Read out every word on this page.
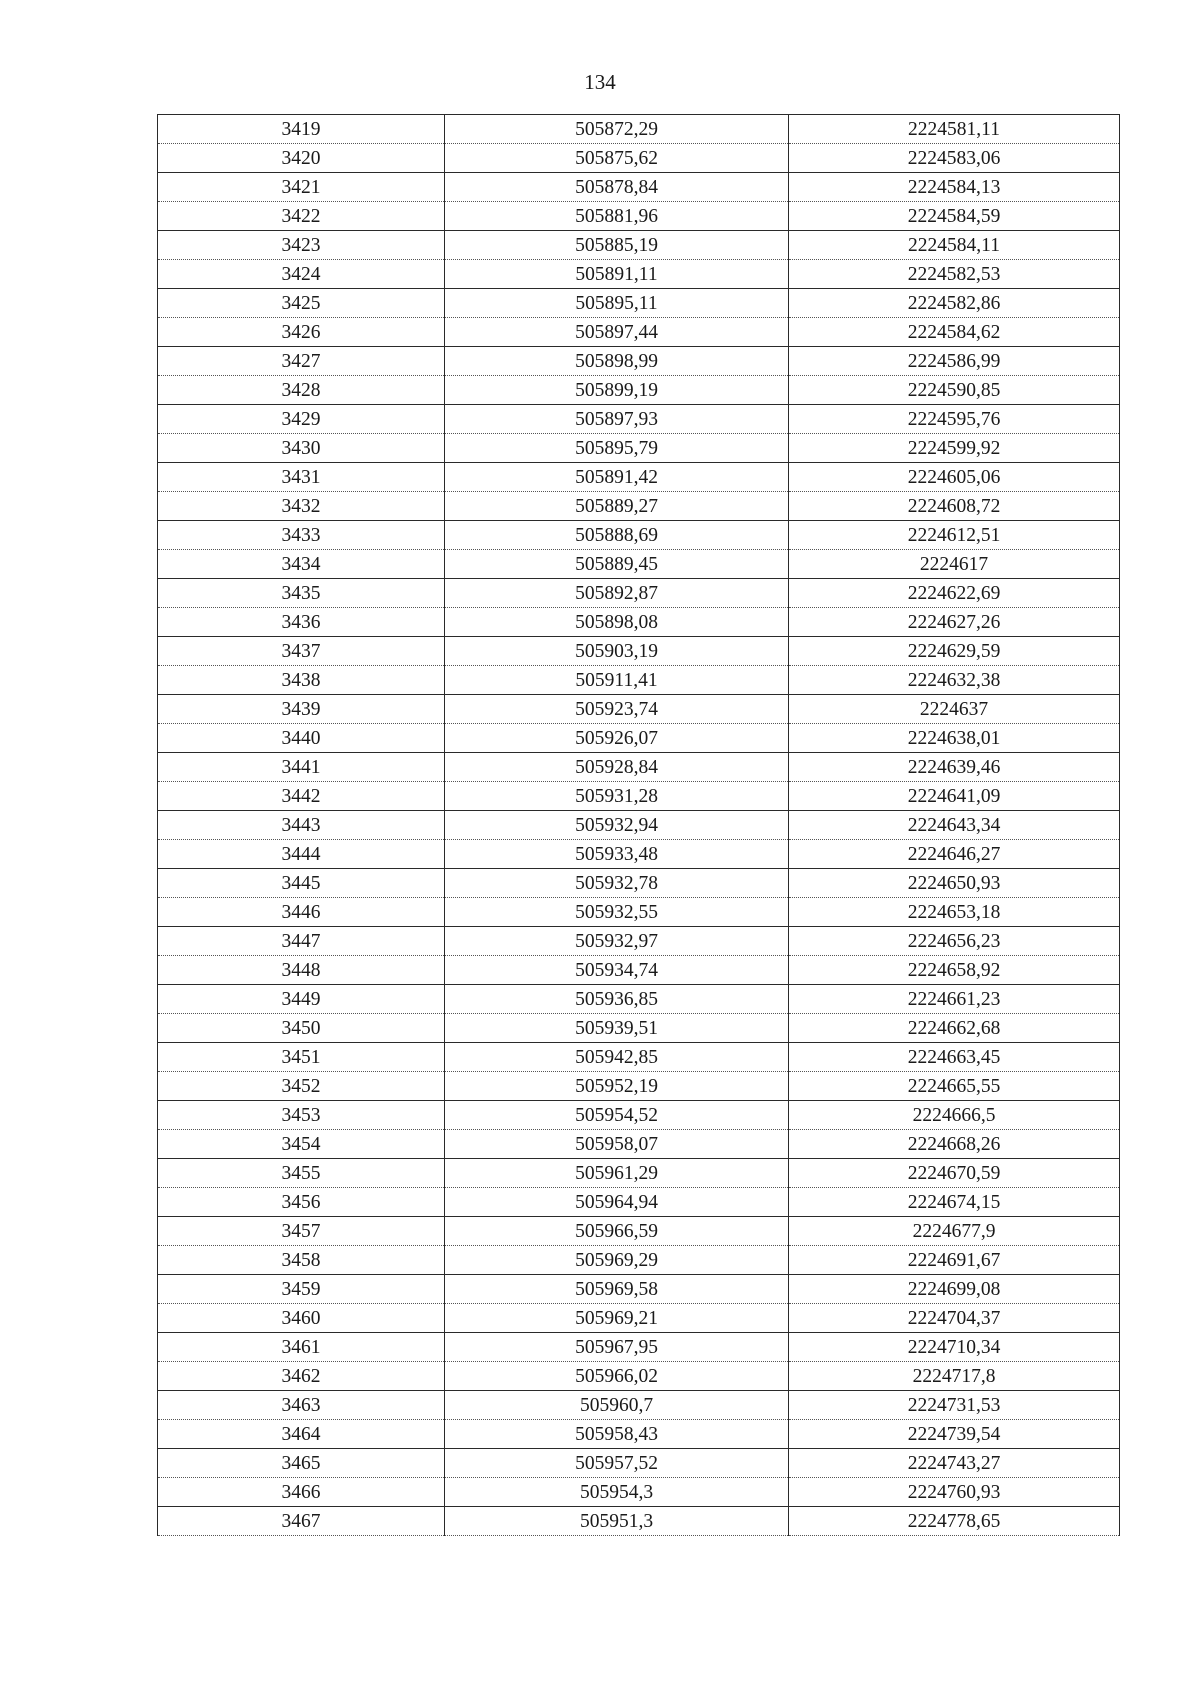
134
3419	505872,29	2224581,11
3420	505875,62	2224583,06
3421	505878,84	2224584,13
3422	505881,96	2224584,59
3423	505885,19	2224584,11
3424	505891,11	2224582,53
3425	505895,11	2224582,86
3426	505897,44	2224584,62
3427	505898,99	2224586,99
3428	505899,19	2224590,85
3429	505897,93	2224595,76
3430	505895,79	2224599,92
3431	505891,42	2224605,06
3432	505889,27	2224608,72
3433	505888,69	2224612,51
3434	505889,45	2224617
3435	505892,87	2224622,69
3436	505898,08	2224627,26
3437	505903,19	2224629,59
3438	505911,41	2224632,38
3439	505923,74	2224637
3440	505926,07	2224638,01
3441	505928,84	2224639,46
3442	505931,28	2224641,09
3443	505932,94	2224643,34
3444	505933,48	2224646,27
3445	505932,78	2224650,93
3446	505932,55	2224653,18
3447	505932,97	2224656,23
3448	505934,74	2224658,92
3449	505936,85	2224661,23
3450	505939,51	2224662,68
3451	505942,85	2224663,45
3452	505952,19	2224665,55
3453	505954,52	2224666,5
3454	505958,07	2224668,26
3455	505961,29	2224670,59
3456	505964,94	2224674,15
3457	505966,59	2224677,9
3458	505969,29	2224691,67
3459	505969,58	2224699,08
3460	505969,21	2224704,37
3461	505967,95	2224710,34
3462	505966,02	2224717,8
3463	505960,7	2224731,53
3464	505958,43	2224739,54
3465	505957,52	2224743,27
3466	505954,3	2224760,93
3467	505951,3	2224778,65
